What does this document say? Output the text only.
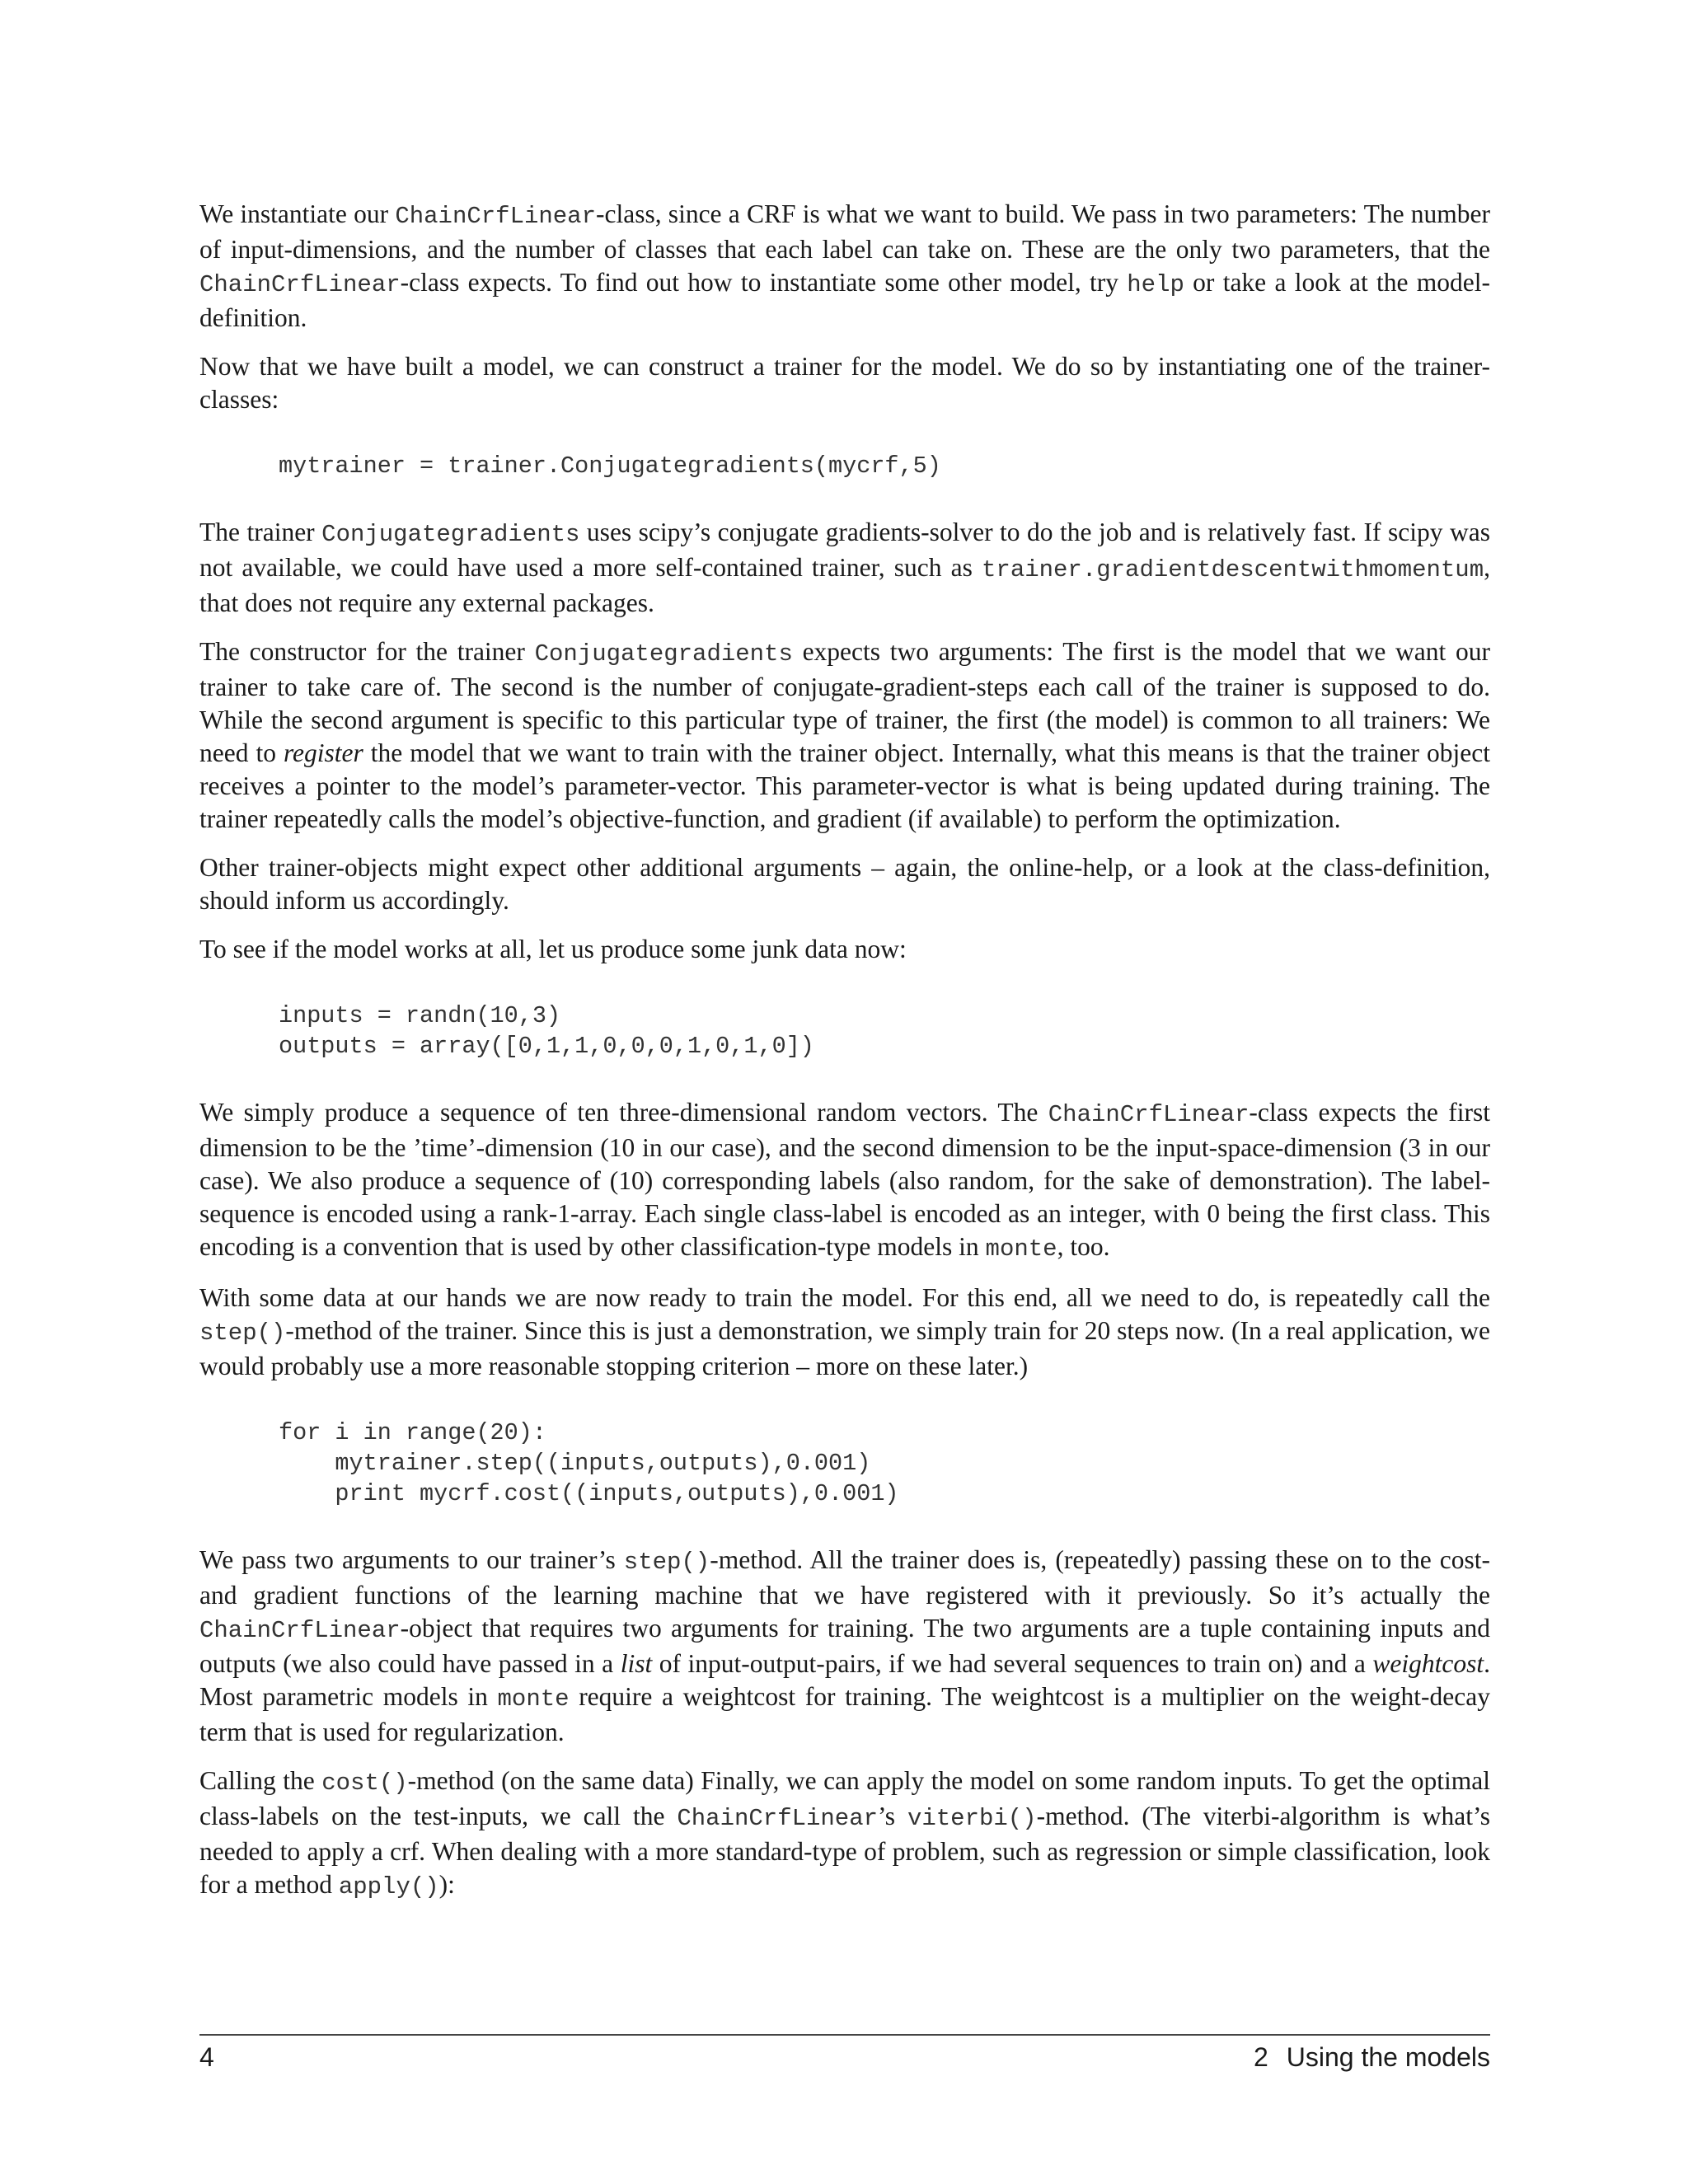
We instantiate our ChainCrfLinear-class, since a CRF is what we want to build. We pass in two parameters: The number of input-dimensions, and the number of classes that each label can take on. These are the only two parameters, that the ChainCrfLinear-class expects. To find out how to instantiate some other model, try help or take a look at the model-definition.

Now that we have built a model, we can construct a trainer for the model. We do so by instantiating one of the trainer-classes:

mytrainer = trainer.Conjugategradients(mycrf,5)

The trainer Conjugategradients uses scipy’s conjugate gradients-solver to do the job and is relatively fast. If scipy was not available, we could have used a more self-contained trainer, such as trainer.gradientdescentwithmomentum, that does not require any external packages.

The constructor for the trainer Conjugategradients expects two arguments: The first is the model that we want our trainer to take care of. The second is the number of conjugate-gradient-steps each call of the trainer is supposed to do. While the second argument is specific to this particular type of trainer, the first (the model) is common to all trainers: We need to register the model that we want to train with the trainer object. Internally, what this means is that the trainer object receives a pointer to the model’s parameter-vector. This parameter-vector is what is being updated during training. The trainer repeatedly calls the model’s objective-function, and gradient (if available) to perform the optimization.

Other trainer-objects might expect other additional arguments – again, the online-help, or a look at the class-definition, should inform us accordingly.

To see if the model works at all, let us produce some junk data now:

inputs = randn(10,3)
outputs = array([0,1,1,0,0,0,1,0,1,0])

We simply produce a sequence of ten three-dimensional random vectors. The ChainCrfLinear-class expects the first dimension to be the ’time’-dimension (10 in our case), and the second dimension to be the input-space-dimension (3 in our case). We also produce a sequence of (10) corresponding labels (also random, for the sake of demonstration). The label-sequence is encoded using a rank-1-array. Each single class-label is encoded as an integer, with 0 being the first class. This encoding is a convention that is used by other classification-type models in monte, too.

With some data at our hands we are now ready to train the model. For this end, all we need to do, is repeatedly call the step()-method of the trainer. Since this is just a demonstration, we simply train for 20 steps now. (In a real application, we would probably use a more reasonable stopping criterion – more on these later.)

for i in range(20):
mytrainer.step((inputs,outputs),0.001)
print mycrf.cost((inputs,outputs),0.001)

We pass two arguments to our trainer’s step()-method. All the trainer does is, (repeatedly) passing these on to the cost- and gradient functions of the learning machine that we have registered with it previously. So it’s actually the ChainCrfLinear-object that requires two arguments for training. The two arguments are a tuple containing inputs and outputs (we also could have passed in a list of input-output-pairs, if we had several sequences to train on) and a weightcost. Most parametric models in monte require a weightcost for training. The weightcost is a multiplier on the weight-decay term that is used for regularization.

Calling the cost()-method (on the same data) Finally, we can apply the model on some random inputs. To get the optimal class-labels on the test-inputs, we call the ChainCrfLinear’s viterbi()-method. (The viterbi-algorithm is what’s needed to apply a crf. When dealing with a more standard-type of problem, such as regression or simple classification, look for a method apply()):

4	2 Using the models
